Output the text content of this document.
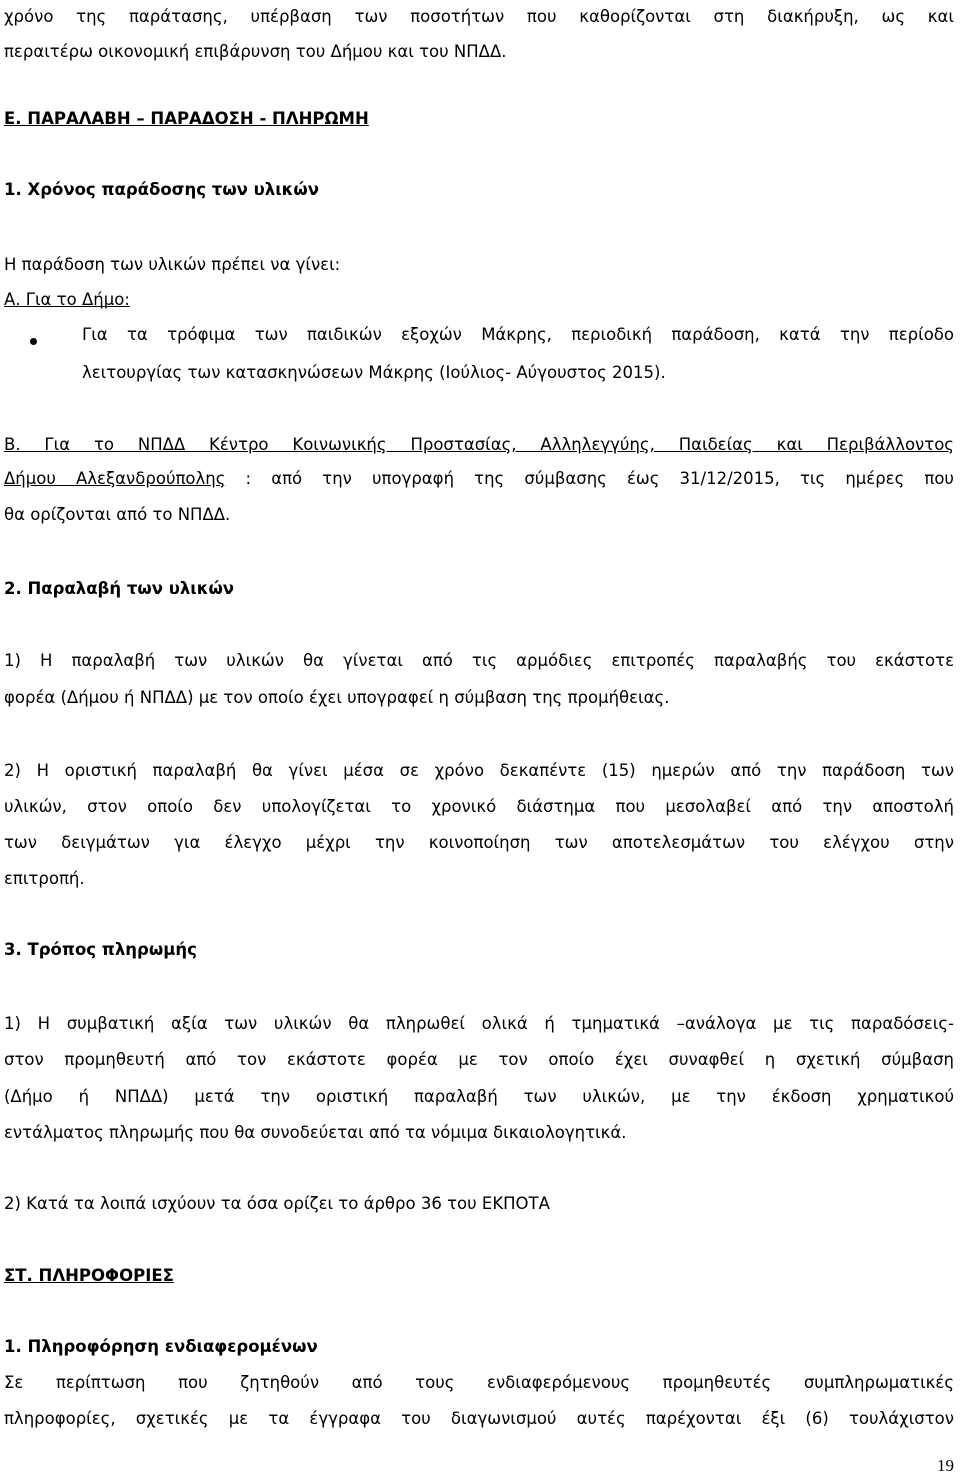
χρόνο της παράτασης, υπέρβαση των ποσοτήτων που καθορίζονται στη διακήρυξη, ως και
περαιτέρω οικονομική επιβάρυνση του Δήμου και του ΝΠΔΔ.
Ε. ΠΑΡΑΛΑΒΗ – ΠΑΡΑΔΟΣΗ - ΠΛΗΡΩΜΗ
1. Χρόνος παράδοσης των υλικών
Η παράδοση των υλικών πρέπει να γίνει:
Α. Για το Δήμο:
Για τα τρόφιμα των παιδικών εξοχών Μάκρης, περιοδική παράδοση, κατά την περίοδο
λειτουργίας των κατασκηνώσεων Μάκρης (Ιούλιος- Αύγουστος 2015).
Β. Για το ΝΠΔΔ Κέντρο Κοινωνικής Προστασίας, Αλληλεγγύης, Παιδείας και Περιβάλλοντος
Δήμου Αλεξανδρούπολης : από την υπογραφή της σύμβασης έως 31/12/2015, τις ημέρες που
θα ορίζονται από το ΝΠΔΔ.
2. Παραλαβή των υλικών
1) Η παραλαβή των υλικών θα γίνεται από τις αρμόδιες επιτροπές παραλαβής του εκάστοτε
φορέα (Δήμου ή ΝΠΔΔ) με τον οποίο έχει υπογραφεί η σύμβαση της προμήθειας.
2) Η οριστική παραλαβή θα γίνει μέσα σε χρόνο δεκαπέντε (15) ημερών από την παράδοση των
υλικών, στον οποίο δεν υπολογίζεται το χρονικό διάστημα που μεσολαβεί από την αποστολή
των δειγμάτων για έλεγχο μέχρι την κοινοποίηση των αποτελεσμάτων του ελέγχου στην
επιτροπή.
3. Τρόπος πληρωμής
1) Η συμβατική αξία των υλικών θα πληρωθεί ολικά ή τμηματικά –ανάλογα με τις παραδόσεις-
στον προμηθευτή από τον εκάστοτε φορέα με τον οποίο έχει συναφθεί η σχετική σύμβαση
(Δήμο ή ΝΠΔΔ) μετά την οριστική παραλαβή των υλικών, με την έκδοση χρηματικού
εντάλματος πληρωμής που θα συνοδεύεται από τα νόμιμα δικαιολογητικά.
2) Κατά τα λοιπά ισχύουν τα όσα ορίζει το άρθρο 36 του ΕΚΠΟΤΑ
ΣΤ. ΠΛΗΡΟΦΟΡΙΕΣ
1. Πληροφόρηση ενδιαφερομένων
Σε περίπτωση που ζητηθούν από τους ενδιαφερόμενους προμηθευτές συμπληρωματικές
πληροφορίες, σχετικές με τα έγγραφα του διαγωνισμού αυτές παρέχονται έξι (6) τουλάχιστον
19
